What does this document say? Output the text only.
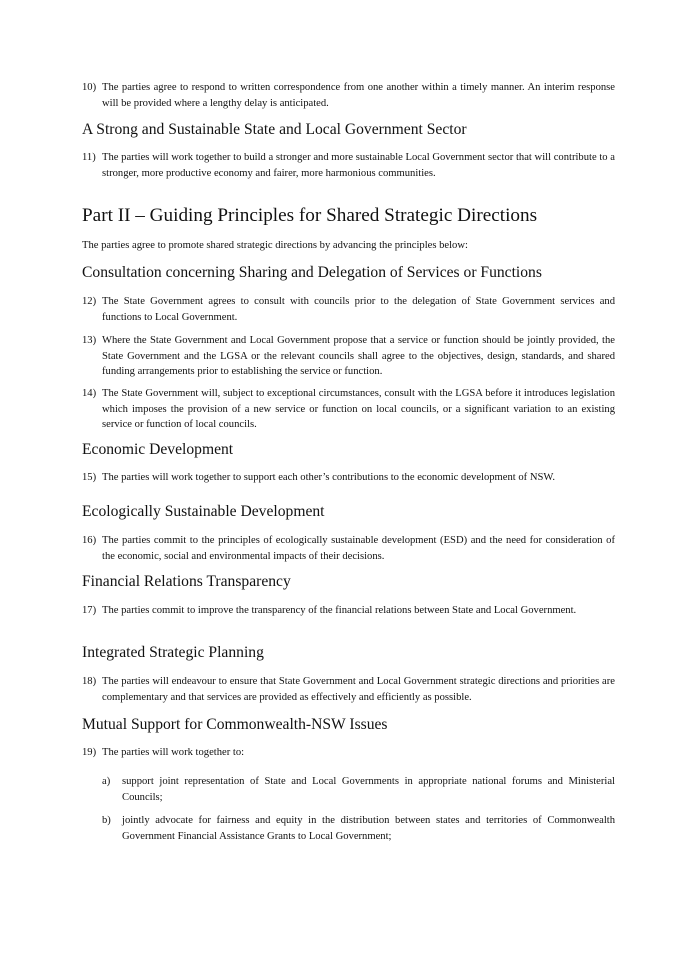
10) The parties agree to respond to written correspondence from one another within a timely manner. An interim response will be provided where a lengthy delay is anticipated.

A Strong and Sustainable State and Local Government Sector

11) The parties will work together to build a stronger and more sustainable Local Government sector that will contribute to a stronger, more productive economy and fairer, more harmonious communities.

Part II – Guiding Principles for Shared Strategic Directions

The parties agree to promote shared strategic directions by advancing the principles below:

Consultation concerning Sharing and Delegation of Services or Functions

12) The State Government agrees to consult with councils prior to the delegation of State Government services and functions to Local Government.

13) Where the State Government and Local Government propose that a service or function should be jointly provided, the State Government and the LGSA or the relevant councils shall agree to the objectives, design, standards, and shared funding arrangements prior to establishing the service or function.

14) The State Government will, subject to exceptional circumstances, consult with the LGSA before it introduces legislation which imposes the provision of a new service or function on local councils, or a significant variation to an existing service or function of local councils.

Economic Development

15) The parties will work together to support each other’s contributions to the economic development of NSW.

Ecologically Sustainable Development

16) The parties commit to the principles of ecologically sustainable development (ESD) and the need for consideration of the economic, social and environmental impacts of their decisions.

Financial Relations Transparency

17) The parties commit to improve the transparency of the financial relations between State and Local Government.

Integrated Strategic Planning

18) The parties will endeavour to ensure that State Government and Local Government strategic directions and priorities are complementary and that services are provided as effectively and efficiently as possible.

Mutual Support for Commonwealth-NSW Issues

19) The parties will work together to:

a) support joint representation of State and Local Governments in appropriate national forums and Ministerial Councils;

b) jointly advocate for fairness and equity in the distribution between states and territories of Commonwealth Government Financial Assistance Grants to Local Government;
